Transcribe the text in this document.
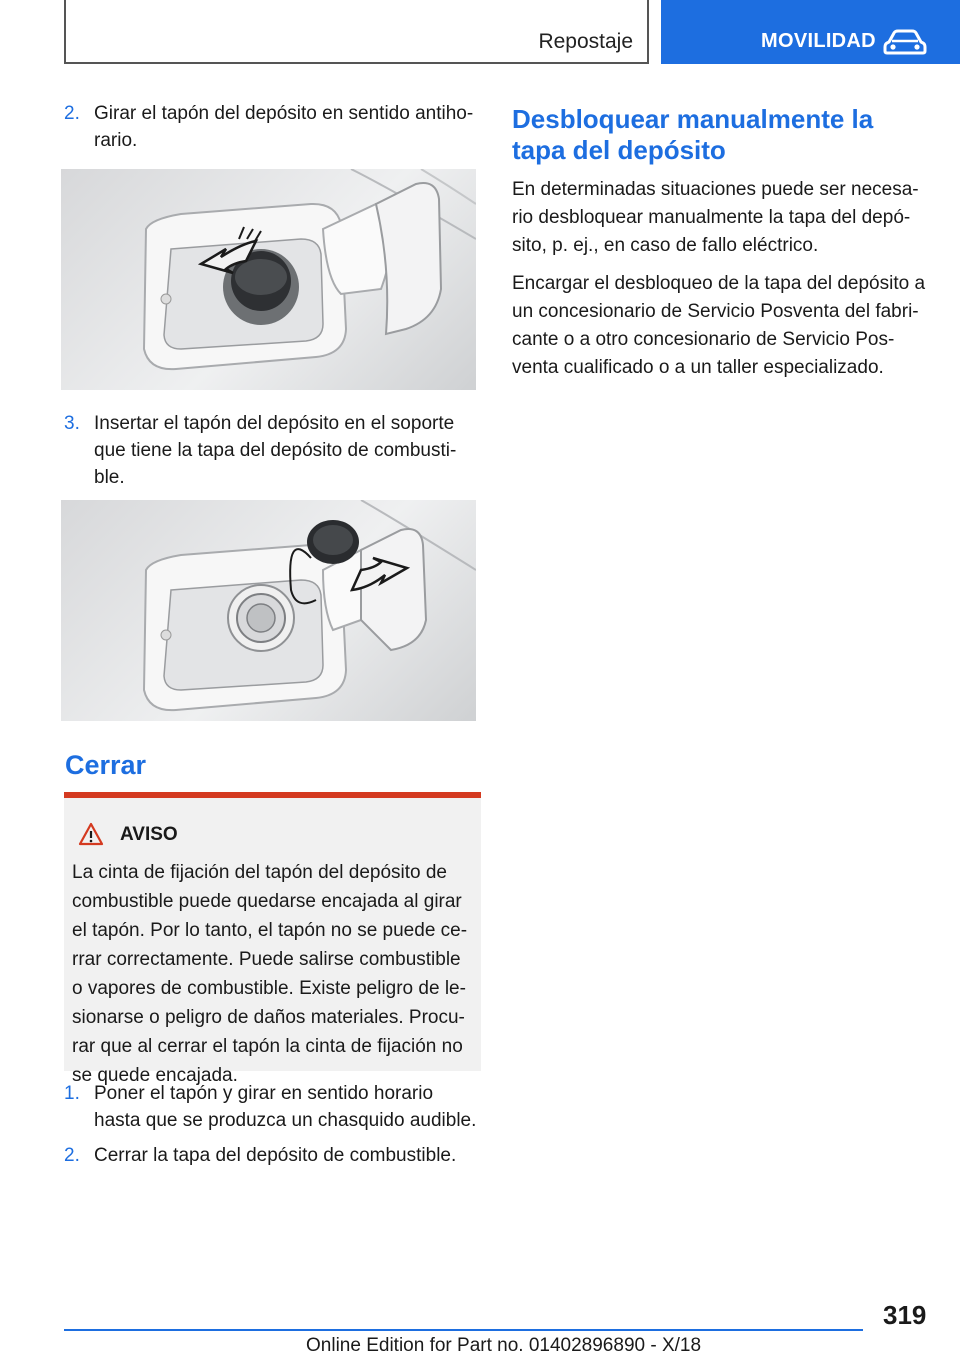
Repostaje	MOVILIDAD
2. Girar el tapón del depósito en sentido antiho-rario.
3. Insertar el tapón del depósito en el soporte que tiene la tapa del depósito de combusti-ble.
Cerrar
AVISO
La cinta de fijación del tapón del depósito de combustible puede quedarse encajada al girar el tapón. Por lo tanto, el tapón no se puede ce-rrar correctamente. Puede salirse combustible o vapores de combustible. Existe peligro de le-sionarse o peligro de daños materiales. Procu-rar que al cerrar el tapón la cinta de fijación no se quede encajada.
1. Poner el tapón y girar en sentido horario hasta que se produzca un chasquido audible.
2. Cerrar la tapa del depósito de combustible.
Desbloquear manualmente la tapa del depósito

En determinadas situaciones puede ser necesa-rio desbloquear manualmente la tapa del depó-sito, p. ej., en caso de fallo eléctrico.

Encargar el desbloqueo de la tapa del depósito a un concesionario de Servicio Posventa del fabri-cante o a otro concesionario de Servicio Pos-venta cualificado o a un taller especializado.

319
Online Edition for Part no. 01402896890 - X/18
